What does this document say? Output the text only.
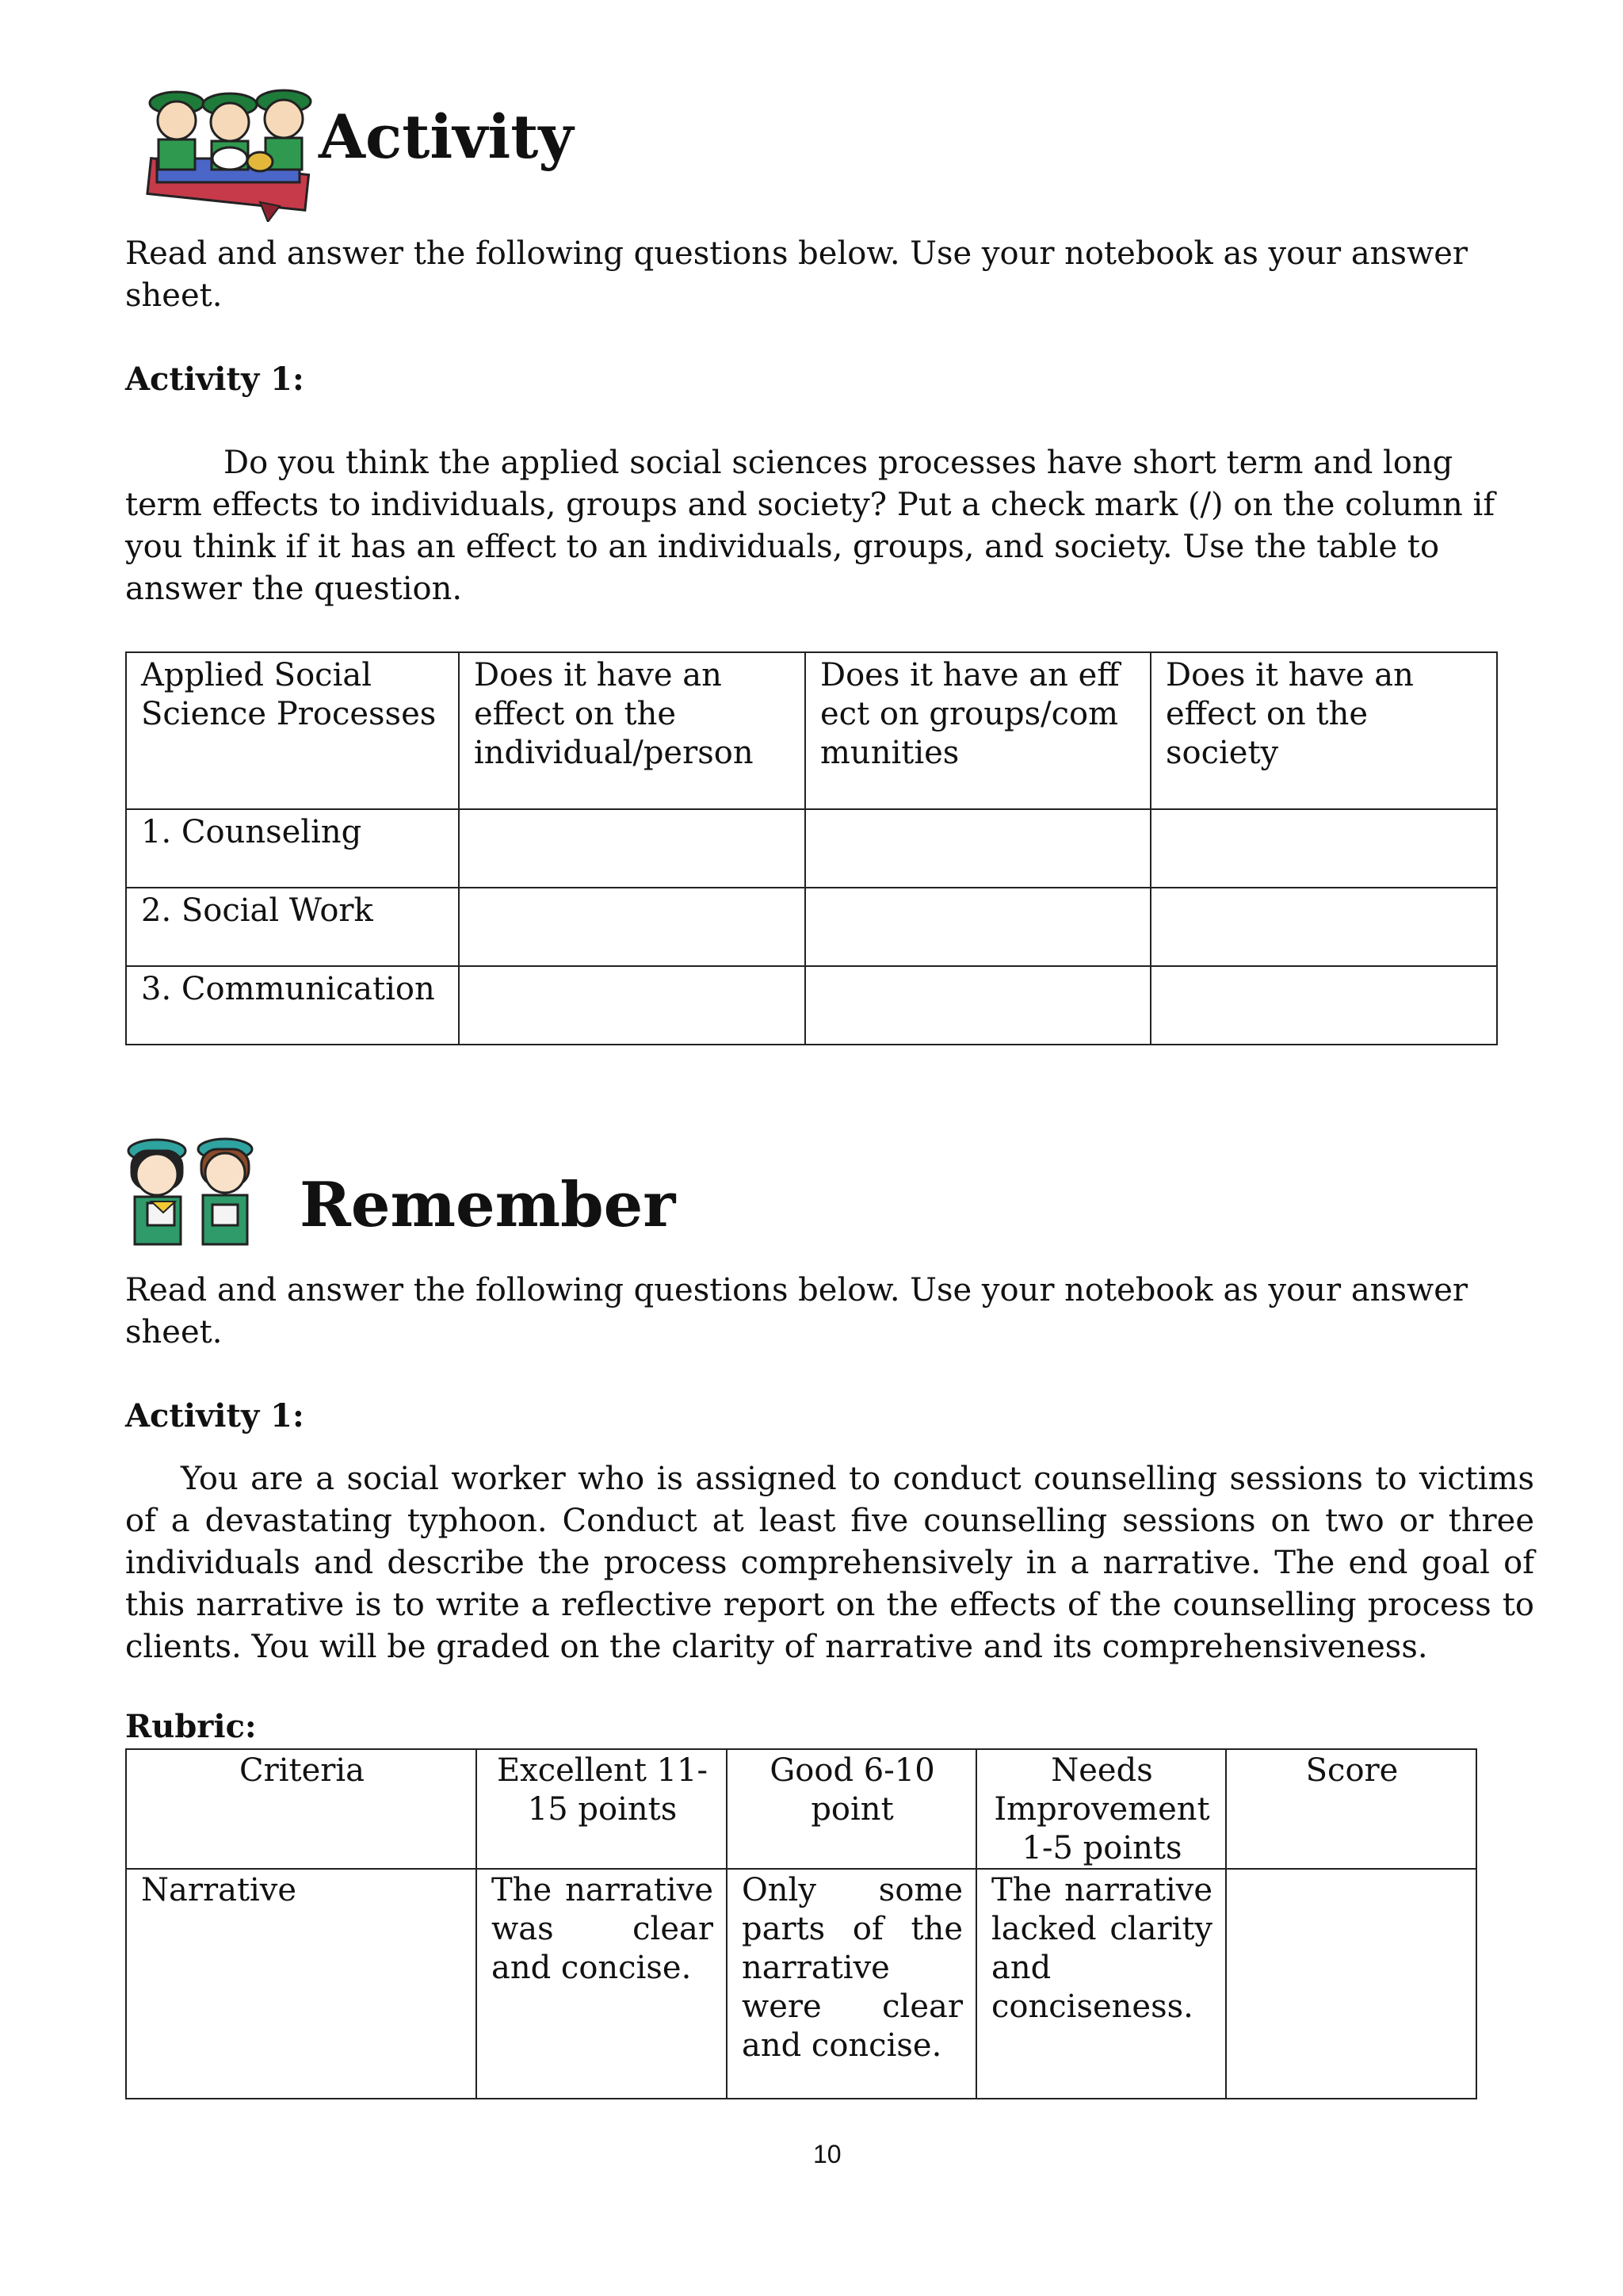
Activity

Read and answer the following questions below. Use your notebook as your answer sheet.

Activity 1:

Do you think the applied social sciences processes have short term and long term effects to individuals, groups and society? Put a check mark (/) on the column if you think if it has an effect to an individuals, groups, and society. Use the table to answer the question.

Applied Social Science Processes	Does it have an effect on the individual/person	Does it have an effect on groups/communities	Does it have an effect on the society
1. Counseling			
2. Social Work			
3. Communication			
Remember

Read and answer the following questions below. Use your notebook as your answer sheet.

Activity 1:

You are a social worker who is assigned to conduct counselling sessions to victims of a devastating typhoon. Conduct at least five counselling sessions on two or three individuals and describe the process comprehensively in a narrative. The end goal of this narrative is to write a reflective report on the effects of the counselling process to clients. You will be graded on the clarity of narrative and its comprehensiveness.

Rubric:

Criteria	Excellent 11-15 points	Good 6-10 point	Needs Improvement 1-5 points	Score
Narrative	The narrative was clear and concise.	Only some parts of the narrative were clear and concise.	The narrative lacked clarity and conciseness.	
10
